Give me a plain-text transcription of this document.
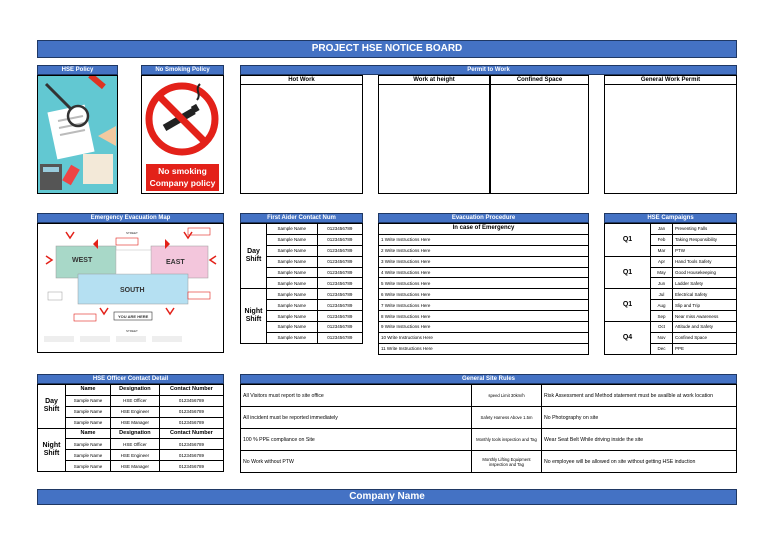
PROJECT HSE NOTICE BOARD
HSE Policy	No Smoking Policy
No smoking
Company policy
Permit to Work
Hot Work	Work at height	Confined Space	General Work Permit
Emergency Evacuation Map
WEST	EAST
SOUTH
YOU ARE HERE
STREET
STREET
First Aider Contact Num
Day Shift	Sample Name	0123456789
	Sample Name	0123456789
	Sample Name	0123456789
	Sample Name	0123456789
	Sample Name	0123456789
	Sample Name	0123456789
Night Shift	Sample Name	0123456789
	Sample Name	0123456789
	Sample Name	0123456789
	Sample Name	0123456789
	Sample Name	0123456789
Evacuation Procedure
In case of Emergency
1 Write Instructions Here
2 Write Instructions Here
3 Write Instructions Here
4 Write Instructions Here
5 Write Instructions Here
6 Write Instructions Here
7 Write Instructions Here
8 Write Instructions Here
9 Write Instructions Here
10 Write Instructions Here
11 Write Instructions Here
HSE Campaigns
Q1	Jan	Preventing Falls
	Feb	Taking Responsibility
	Mar	PTW
Q1	Apr	Hand Tools Safety
	May	Good Housekeeping
	Jun	Ladder Safety
Q1	Jul	Electrical Safety
	Aug	Slip and Trip
	Sep	Near miss Awareness
Q4	Oct	Attitude and Safety
	Nov	Confined Space
	Dec	PPE
HSE Officer Contact Detail
Day Shift	Name	Designation	Contact Number
	Sample Name	HSE Officer	0123456789
	Sample Name	HSE Engineer	0123456789
	Sample Name	HSE Manager	0123456789
Night Shift	Name	Designation	Contact Number
	Sample Name	HSE Officer	0123456789
	Sample Name	HSE Engineer	0123456789
	Sample Name	HSE Manager	0123456789
General Site Rules
All Visitors must report to site office	speed Limit 30km/h	Risk Assessment and Method statement must be availble at work location
All incident must be reported immediately	Safety Harness Above 1.5m	No Photography on site
100 % PPE compliance on Site	Monthly tools inspection and Tag	Wear Seat Belt While driving inside the site
No Work without PTW	Monthly Lifting Equipment inspection and Tag	No employee will be allowed on site without getting HSE induction
Company Name
